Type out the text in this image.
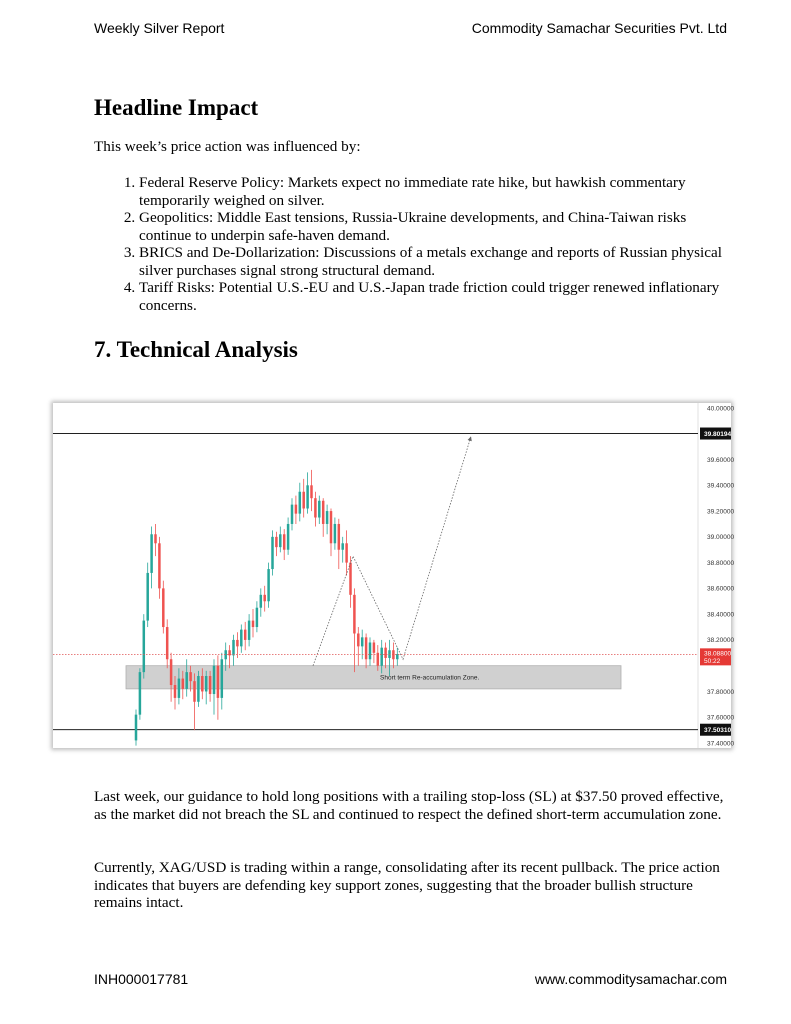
Weekly Silver Report	Commodity Samachar Securities Pvt. Ltd
Headline Impact

This week’s price action was influenced by:

1. Federal Reserve Policy: Markets expect no immediate rate hike, but hawkish commentary temporarily weighed on silver.
2. Geopolitics: Middle East tensions, Russia-Ukraine developments, and China-Taiwan risks continue to underpin safe-haven demand.
3. BRICS and De-Dollarization: Discussions of a metals exchange and reports of Russian physical silver purchases signal strong structural demand.
4. Tariff Risks: Potential U.S.-EU and U.S.-Japan trade friction could trigger renewed inflationary concerns.
7. Technical Analysis
40.00000
39.60000
39.40000
39.20000
39.00000
38.80000
38.60000
38.40000
38.20000
37.80000
37.60000
37.40000
Short term Re-accumulation Zone.
39.80194
37.50310
38.08800
50:22

Last week, our guidance to hold long positions with a trailing stop-loss (SL) at $37.50 proved effective, as the market did not breach the SL and continued to respect the defined short-term accumulation zone.

Currently, XAG/USD is trading within a range, consolidating after its recent pullback. The price action indicates that buyers are defending key support zones, suggesting that the broader bullish structure remains intact.

INH000017781	www.commoditysamachar.com
